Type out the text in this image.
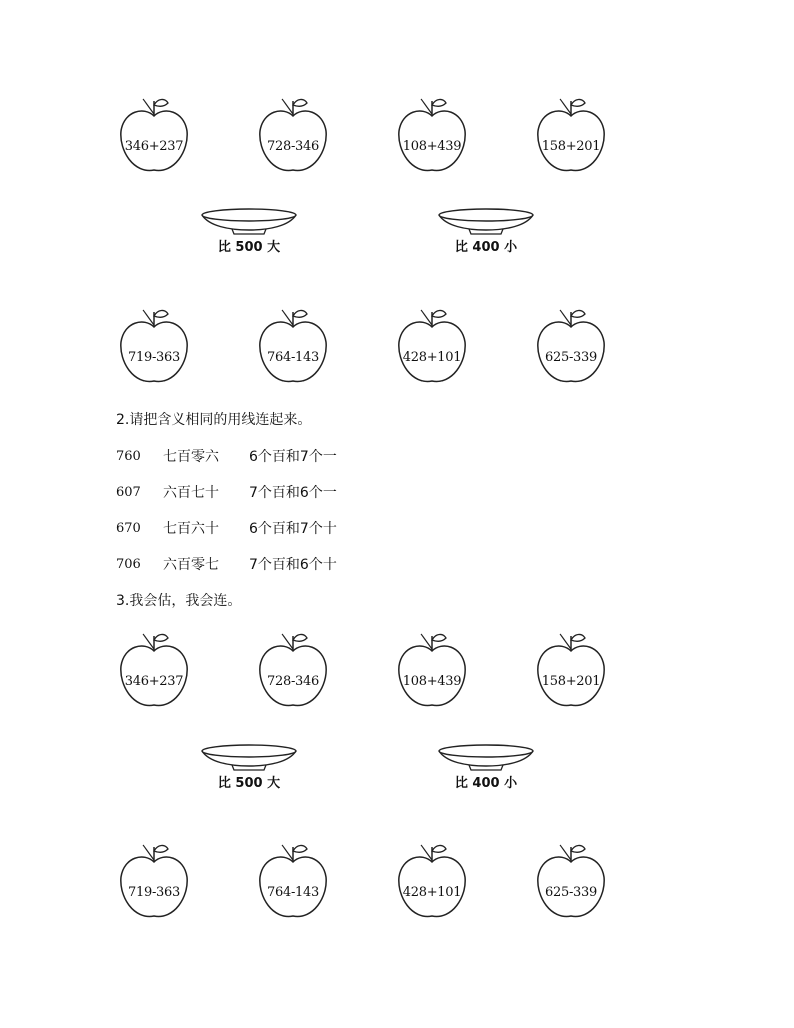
346+237	728-346	108+439	158+201
比 500 大	比 400 小
719-363	764-143	428+101	625-339
2.请把含义相同的用线连起来。
760 七百零六 6个百和7个一
607 六百七十 7个百和6个一
670 七百六十 6个百和7个十
706 六百零七 7个百和6个十
3.我会估，我会连。
346+237	728-346	108+439	158+201
比 500 大	比 400 小
719-363	764-143	428+101	625-339
